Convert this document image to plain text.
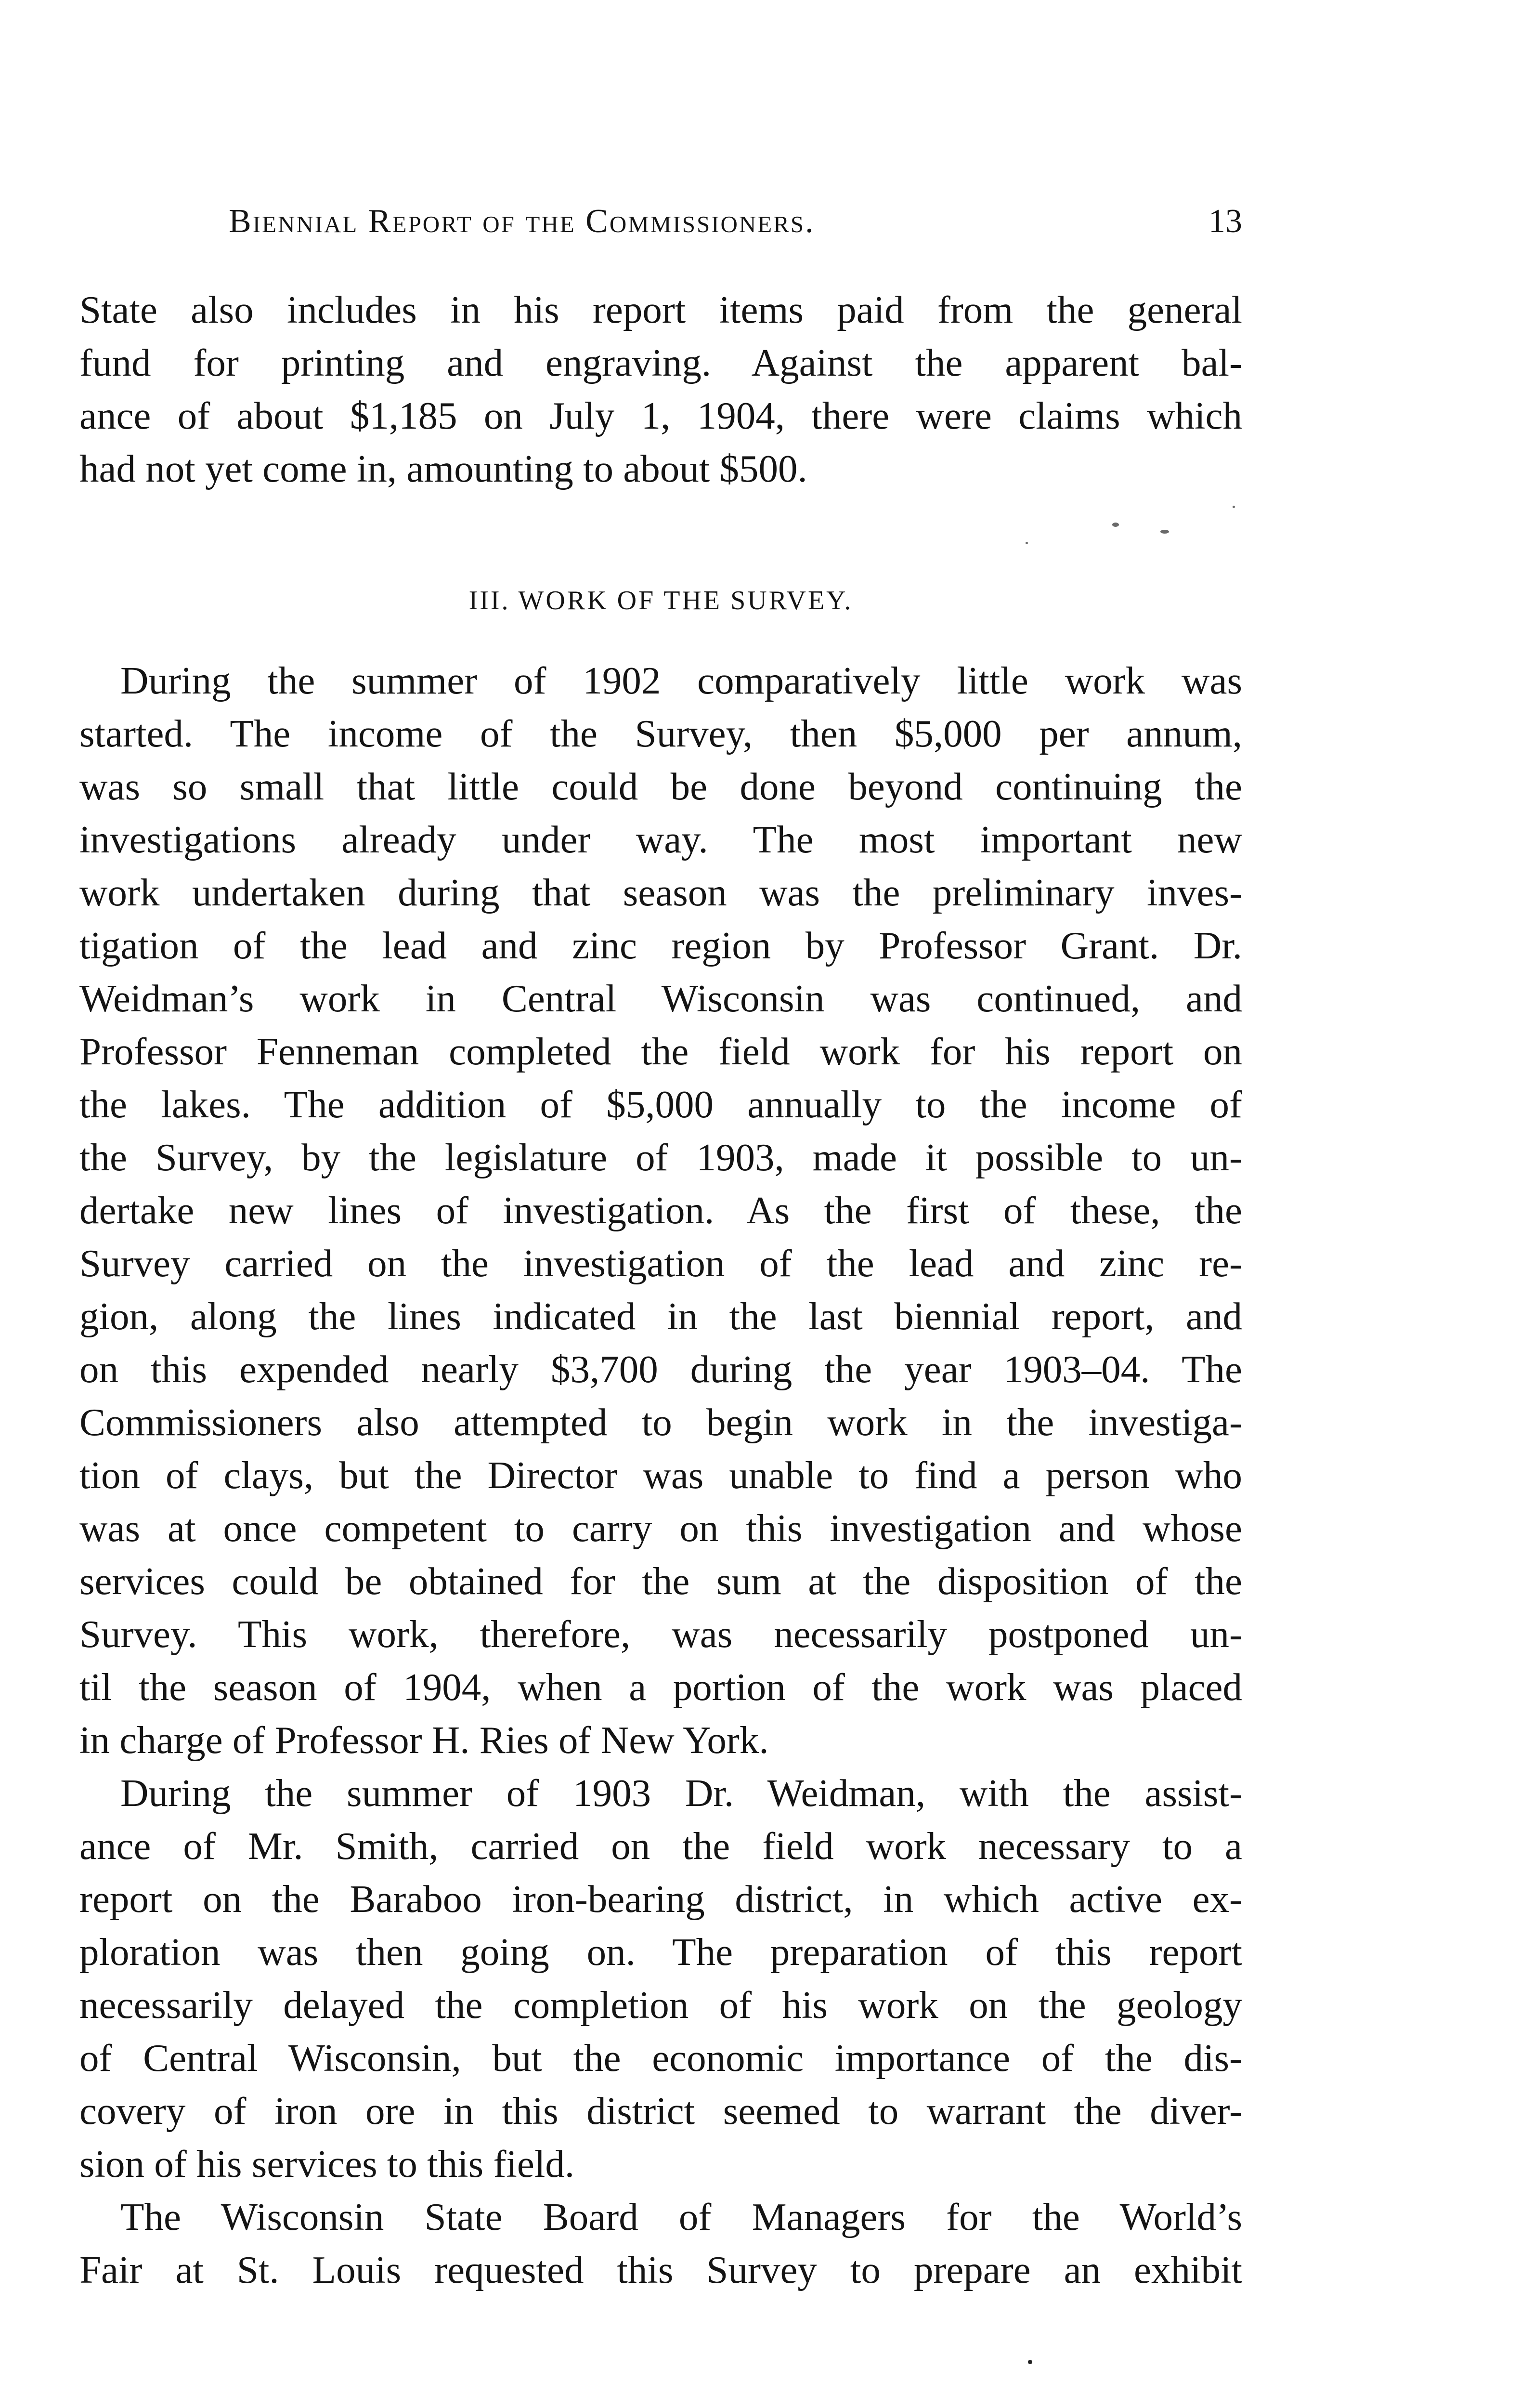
Biennial Report of the Commissioners.	13
State also includes in his report items paid from the general
fund for printing and engraving. Against the apparent bal-
ance of about $1,185 on July 1, 1904, there were claims which
had not yet come in, amounting to about $500.
III. WORK OF THE SURVEY.
During the summer of 1902 comparatively little work was
started. The income of the Survey, then $5,000 per annum,
was so small that little could be done beyond continuing the
investigations already under way. The most important new
work undertaken during that season was the preliminary inves-
tigation of the lead and zinc region by Professor Grant. Dr.
Weidman’s work in Central Wisconsin was continued, and
Professor Fenneman completed the field work for his report on
the lakes. The addition of $5,000 annually to the income of
the Survey, by the legislature of 1903, made it possible to un-
dertake new lines of investigation. As the first of these, the
Survey carried on the investigation of the lead and zinc re-
gion, along the lines indicated in the last biennial report, and
on this expended nearly $3,700 during the year 1903–04. The
Commissioners also attempted to begin work in the investiga-
tion of clays, but the Director was unable to find a person who
was at once competent to carry on this investigation and whose
services could be obtained for the sum at the disposition of the
Survey. This work, therefore, was necessarily postponed un-
til the season of 1904, when a portion of the work was placed
in charge of Professor H. Ries of New York.
During the summer of 1903 Dr. Weidman, with the assist-
ance of Mr. Smith, carried on the field work necessary to a
report on the Baraboo iron-bearing district, in which active ex-
ploration was then going on. The preparation of this report
necessarily delayed the completion of his work on the geology
of Central Wisconsin, but the economic importance of the dis-
covery of iron ore in this district seemed to warrant the diver-
sion of his services to this field.
The Wisconsin State Board of Managers for the World’s
Fair at St. Louis requested this Survey to prepare an exhibit
